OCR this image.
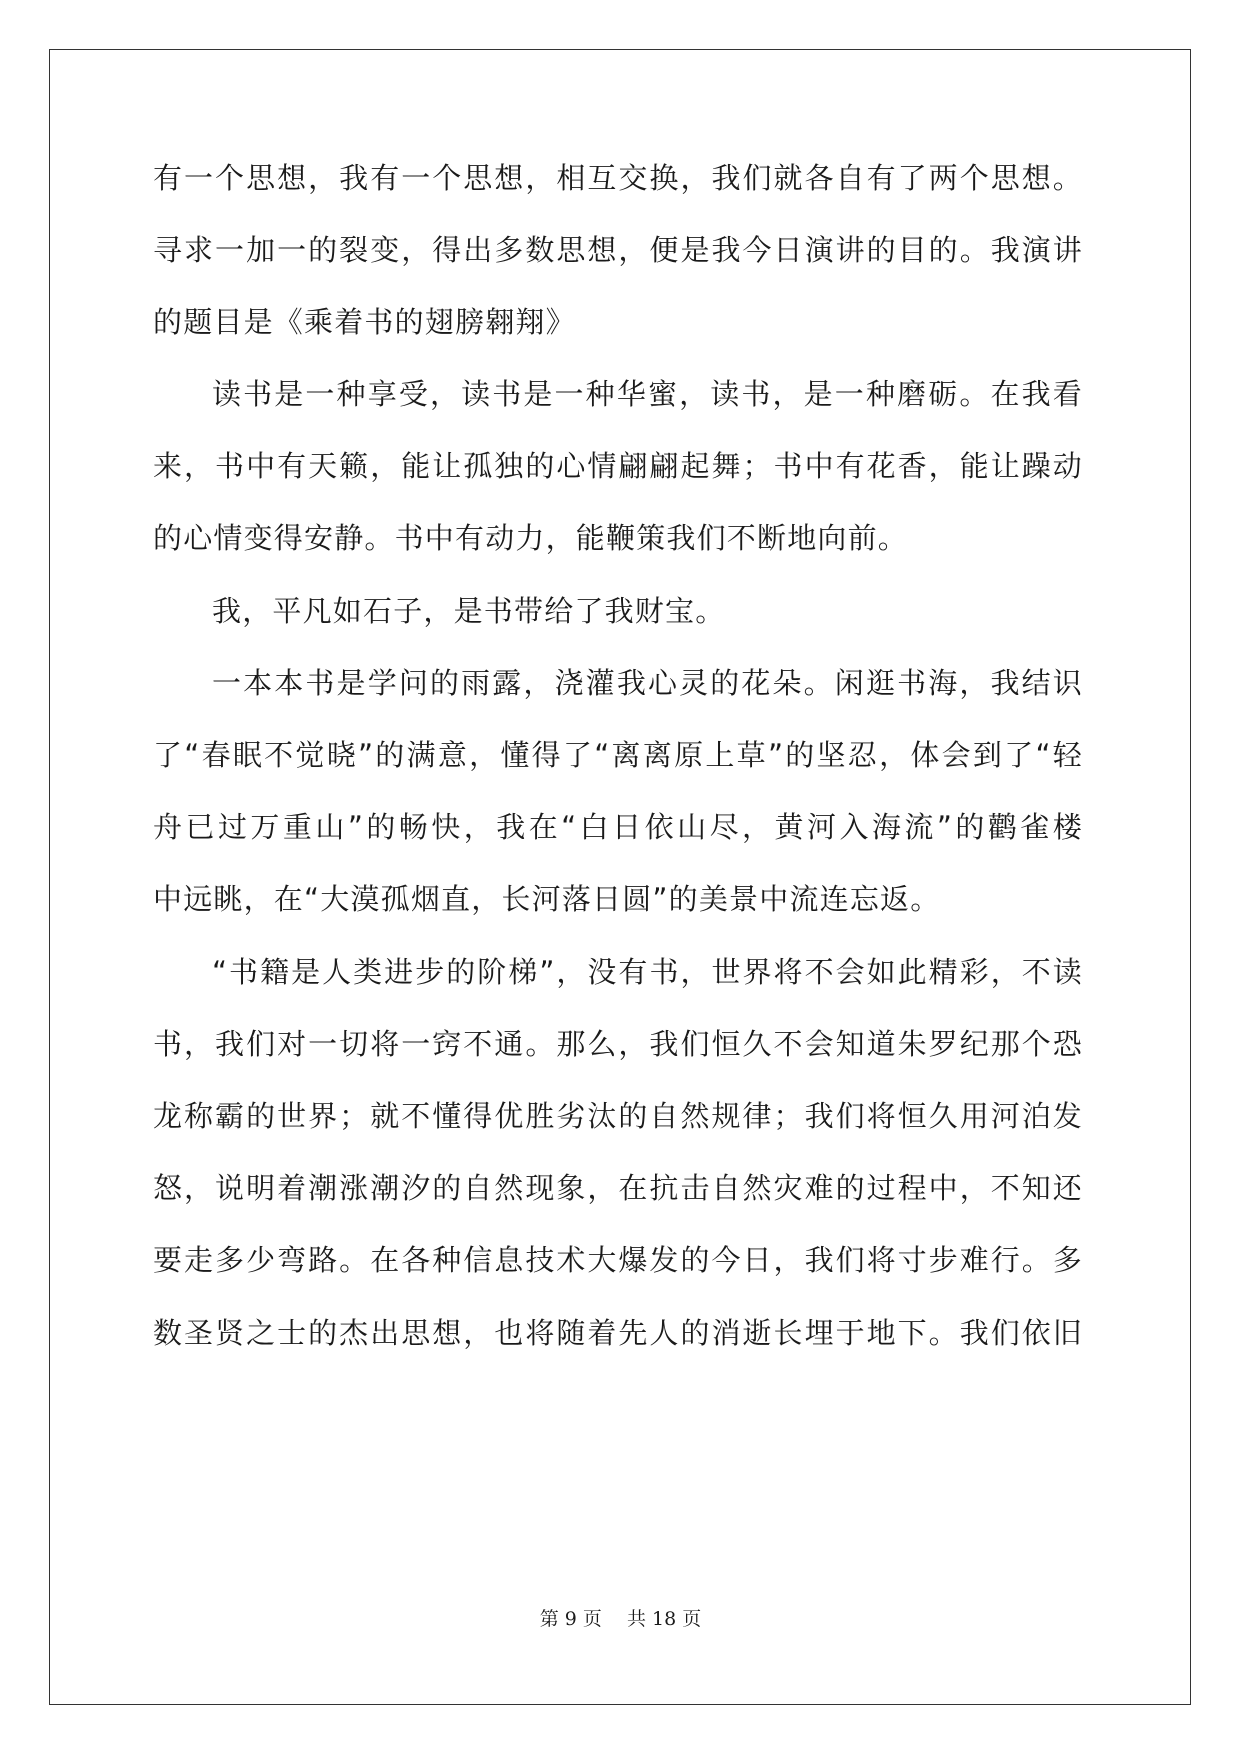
有一个思想，我有一个思想，相互交换，我们就各自有了两个思想。
寻求一加一的裂变，得出多数思想，便是我今日演讲的目的。我演讲
的题目是《乘着书的翅膀翱翔》
读书是一种享受，读书是一种华蜜，读书，是一种磨砺。在我看
来，书中有天籁，能让孤独的心情翩翩起舞；书中有花香，能让躁动
的心情变得安静。书中有动力，能鞭策我们不断地向前。
我，平凡如石子，是书带给了我财宝。
一本本书是学问的雨露，浇灌我心灵的花朵。闲逛书海，我结识
了“春眠不觉晓”的满意，懂得了“离离原上草”的坚忍，体会到了“轻
舟已过万重山”的畅快，我在“白日依山尽，黄河入海流”的鹳雀楼
中远眺，在“大漠孤烟直，长河落日圆”的美景中流连忘返。
“书籍是人类进步的阶梯”，没有书，世界将不会如此精彩，不读
书，我们对一切将一窍不通。那么，我们恒久不会知道朱罗纪那个恐
龙称霸的世界；就不懂得优胜劣汰的自然规律；我们将恒久用河泊发
怒，说明着潮涨潮汐的自然现象，在抗击自然灾难的过程中，不知还
要走多少弯路。在各种信息技术大爆发的今日，我们将寸步难行。多
数圣贤之士的杰出思想，也将随着先人的消逝长埋于地下。我们依旧
第 9 页　 共 18 页
